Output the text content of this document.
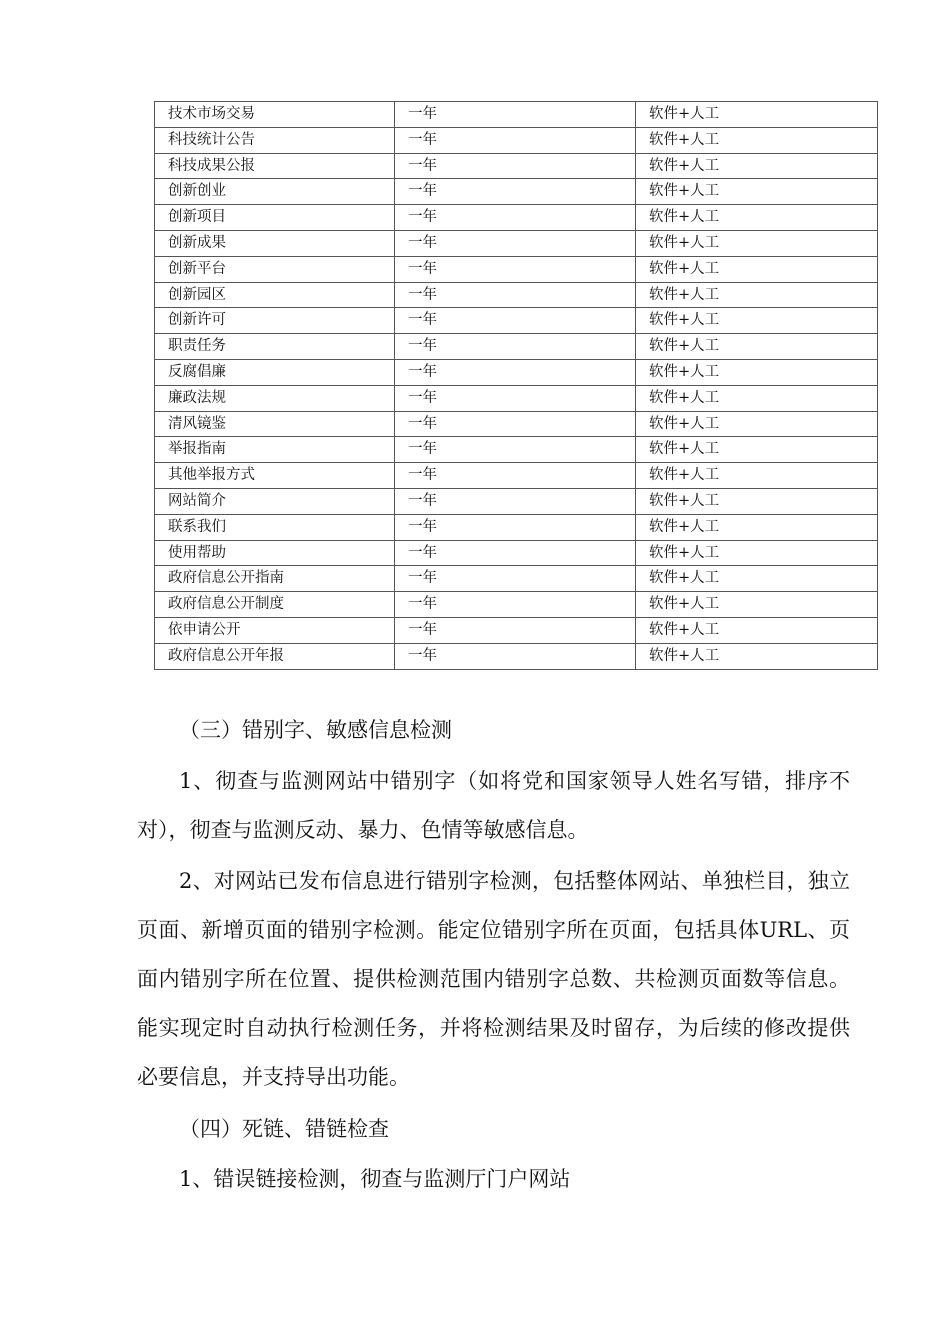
技术市场交易	一年	软件+人工
科技统计公告	一年	软件+人工
科技成果公报	一年	软件+人工
创新创业	一年	软件+人工
创新项目	一年	软件+人工
创新成果	一年	软件+人工
创新平台	一年	软件+人工
创新园区	一年	软件+人工
创新许可	一年	软件+人工
职责任务	一年	软件+人工
反腐倡廉	一年	软件+人工
廉政法规	一年	软件+人工
清风镜鉴	一年	软件+人工
举报指南	一年	软件+人工
其他举报方式	一年	软件+人工
网站简介	一年	软件+人工
联系我们	一年	软件+人工
使用帮助	一年	软件+人工
政府信息公开指南	一年	软件+人工
政府信息公开制度	一年	软件+人工
依申请公开	一年	软件+人工
政府信息公开年报	一年	软件+人工

（三）错别字、敏感信息检测

1、彻查与监测网站中错别字（如将党和国家领导人姓名写错，排序不对），彻查与监测反动、暴力、色情等敏感信息。

2、对网站已发布信息进行错别字检测，包括整体网站、单独栏目，独立页面、新增页面的错别字检测。能定位错别字所在页面，包括具体URL、页面内错别字所在位置、提供检测范围内错别字总数、共检测页面数等信息。能实现定时自动执行检测任务，并将检测结果及时留存，为后续的修改提供必要信息，并支持导出功能。

（四）死链、错链检查

1、错误链接检测，彻查与监测厅门户网站
